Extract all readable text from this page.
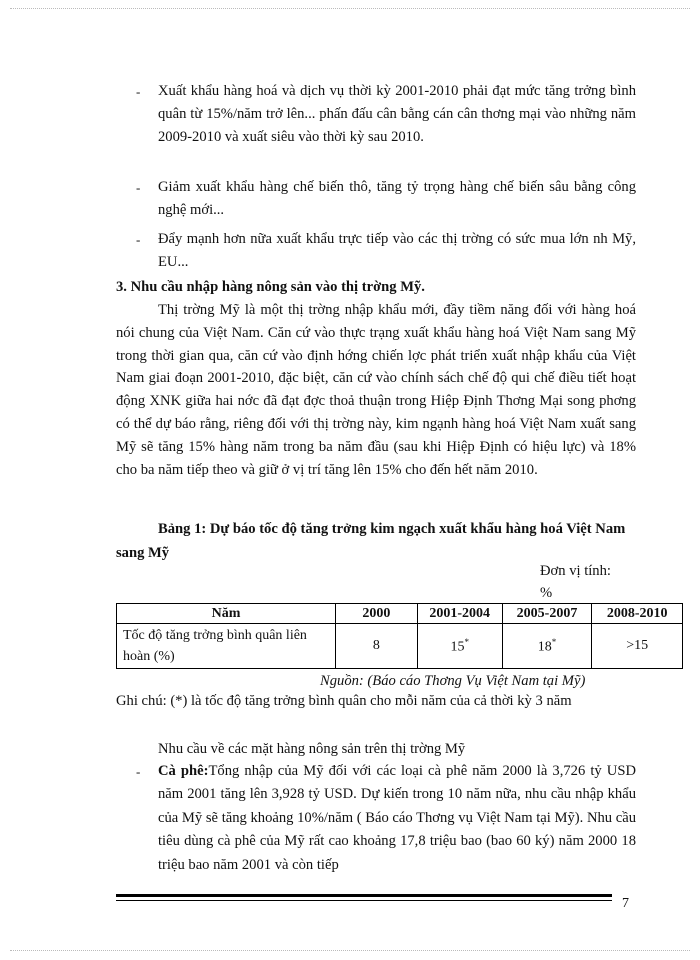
- Xuất khẩu hàng hoá và dịch vụ thời kỳ 2001-2010 phải đạt mức tăng trởng bình quân từ 15%/năm trở lên... phấn đấu cân bằng cán cân thơng mại vào những năm 2009-2010 và xuất siêu vào thời kỳ sau 2010.
- Giảm xuất khẩu hàng chế biến thô, tăng tỷ trọng hàng chế biến sâu bằng công nghệ mới...
- Đẩy mạnh hơn nữa xuất khẩu trực tiếp vào các thị trờng có sức mua lớn nh Mỹ, EU...
3. Nhu cầu nhập hàng nông sản vào thị trờng Mỹ.
Thị trờng Mỹ là một thị trờng nhập khẩu mới, đầy tiềm năng đối với hàng hoá nói chung của Việt Nam. Căn cứ vào thực trạng xuất khẩu hàng hoá Việt Nam sang Mỹ trong thời gian qua, căn cứ vào định hớng chiến lợc phát triển xuất nhập khẩu của Việt Nam giai đoạn 2001-2010, đặc biệt, căn cứ vào chính sách chế độ qui chế điều tiết hoạt động XNK giữa hai nớc đã đạt đợc thoả thuận trong Hiệp Định Thơng Mại song phơng có thể dự báo rằng, riêng đối với thị trờng này, kim ngạnh hàng hoá Việt Nam xuất sang Mỹ sẽ tăng 15% hàng năm trong ba năm đầu (sau khi Hiệp Định có hiệu lực) và 18% cho ba năm tiếp theo và giữ ở vị trí tăng lên 15% cho đến hết năm 2010.
Bảng 1: Dự báo tốc độ tăng trởng kim ngạch xuất khẩu hàng hoá Việt Nam sang Mỹ
Đơn vị tính:
%
Năm	2000	2001-2004	2005-2007	2008-2010
Tốc độ tăng trởng bình quân liên hoàn (%)	8	15*	18*	>15
Nguồn: (Báo cáo Thơng Vụ Việt Nam tại Mỹ)
Ghi chú: (*) là tốc độ tăng trởng bình quân cho mỗi năm của cả thời kỳ 3 năm
Nhu cầu về các mặt hàng nông sản trên thị trờng Mỹ
- Cà phê:Tổng nhập của Mỹ đối với các loại cà phê năm 2000 là 3,726 tỷ USD năm 2001 tăng lên 3,928 tỷ USD. Dự kiến trong 10 năm nữa, nhu cầu nhập khẩu của Mỹ sẽ tăng khoảng 10%/năm ( Báo cáo Thơng vụ Việt Nam tại Mỹ). Nhu cầu tiêu dùng cà phê của Mỹ rất cao khoảng 17,8 triệu bao (bao 60 ký) năm 2000 18 triệu bao năm 2001 và còn tiếp
7
